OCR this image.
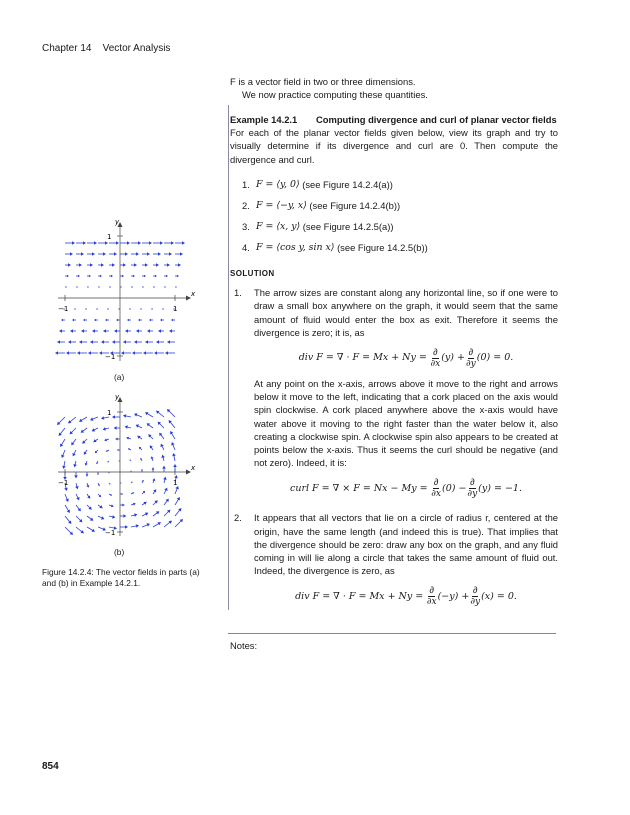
Chapter 14 Vector Analysis

F is a vector field in two or three dimensions.

We now practice computing these quantities.

Example 14.2.1 Computing divergence and curl of planar vector fields

For each of the planar vector fields given below, view its graph and try to visually determine if its divergence and curl are 0. Then compute the divergence and curl.

1. F = ⟨y, 0⟩
(see Figure 14.2.4(a))
2. F = ⟨−y, x⟩
(see Figure 14.2.4(b))
3. F = ⟨x, y⟩
(see Figure 14.2.5(a))
4. F = ⟨cos y, sin x⟩
(see Figure 14.2.5(b))
SOLUTION
1.	The arrow sizes are constant along any horizontal line, so if one were to draw a small box anywhere on the graph, it would seem that the same amount of fluid would enter the box as exit. Therefore it seems the divergence is zero; it is, as

div F = ∇ · F = Mx + Ny =
$\frac{\partial}{\partial x} (y) + \frac{\partial}{\partial y} (0) = 0$.

At any point on the x-axis, arrows above it move to the right and arrows below it move to the left, indicating that a cork placed on the axis would spin clockwise. A cork placed anywhere above the x-axis would have water above it moving to the right faster than the water below it, also creating a clockwise spin. A clockwise spin also appears to be created at points below the x-axis. Thus it seems the curl should be negative (and not zero). Indeed, it is:

curl F = ∇ × F = Nx − My =
$\frac{\partial}{\partial x} (0) - \frac{\partial}{\partial y} (y) = -1$.
2.	It appears that all vectors that lie on a circle of radius r, centered at the origin, have the same length (and indeed this is true). That implies that the divergence should be zero: draw any box on the graph, and any fluid coming in will lie along a circle that takes the same amount of fluid out. Indeed, the divergence is zero, as

div F = ∇ · F = Mx + Ny =
$\frac{\partial}{\partial x} (-y) + \frac{\partial}{\partial y} (x) = 0$.
Notes:
x
y
−1	1
1
−1
(a)
x
y
−1	1
1
−1
(b)
Figure 14.2.4: The vector fields in parts (a) and (b) in Example 14.2.1.
854
